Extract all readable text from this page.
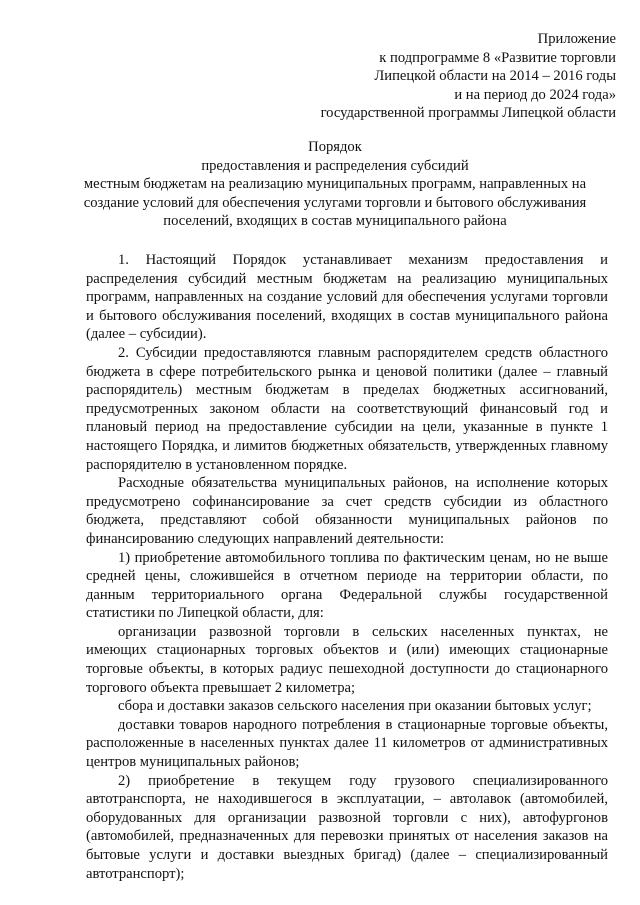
Приложение
к подпрограмме 8 «Развитие торговли
Липецкой области на 2014 – 2016 годы
и на период до 2024 года»
государственной программы Липецкой области
Порядок
предоставления и распределения субсидий
местным бюджетам на реализацию муниципальных программ, направленных на
создание условий для обеспечения услугами торговли и бытового обслуживания
поселений, входящих в состав муниципального района

1. Настоящий Порядок устанавливает механизм предоставления и распределения субсидий местным бюджетам на реализацию муниципальных программ, направленных на создание условий для обеспечения услугами торговли и бытового обслуживания поселений, входящих в состав муниципального района (далее – субсидии).

2. Субсидии предоставляются главным распорядителем средств областного бюджета в сфере потребительского рынка и ценовой политики (далее – главный распорядитель) местным бюджетам в пределах бюджетных ассигнований, предусмотренных законом области на соответствующий финансовый год и плановый период на предоставление субсидии на цели, указанные в пункте 1 настоящего Порядка, и лимитов бюджетных обязательств, утвержденных главному распорядителю в установленном порядке.

Расходные обязательства муниципальных районов, на исполнение которых предусмотрено софинансирование за счет средств субсидии из областного бюджета, представляют собой обязанности муниципальных районов по финансированию следующих направлений деятельности:

1) приобретение автомобильного топлива по фактическим ценам, но не выше средней цены, сложившейся в отчетном периоде на территории области, по данным территориального органа Федеральной службы государственной статистики по Липецкой области, для:

организации развозной торговли в сельских населенных пунктах, не имеющих стационарных торговых объектов и (или) имеющих стационарные торговые объекты, в которых радиус пешеходной доступности до стационарного торгового объекта превышает 2 километра;

сбора и доставки заказов сельского населения при оказании бытовых услуг;

доставки товаров народного потребления в стационарные торговые объекты, расположенные в населенных пунктах далее 11 километров от административных центров муниципальных районов;

2) приобретение в текущем году грузового специализированного автотранспорта, не находившегося в эксплуатации, – автолавок (автомобилей, оборудованных для организации развозной торговли с них), автофургонов (автомобилей, предназначенных для перевозки принятых от населения заказов на бытовые услуги и доставки выездных бригад) (далее – специализированный автотранспорт);
